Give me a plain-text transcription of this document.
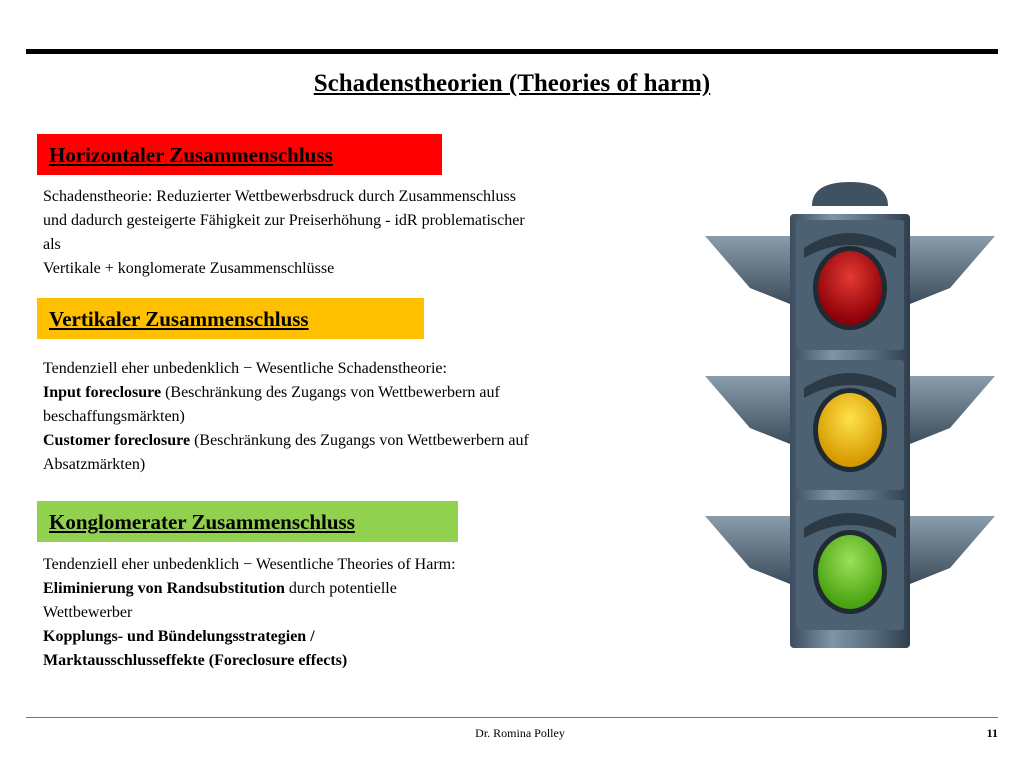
Schadenstheorien (Theories of harm)
Horizontaler Zusammenschluss
Schadenstheorie: Reduzierter Wettbewerbsdruck durch Zusammenschluss
und dadurch gesteigerte Fähigkeit zur Preiserhöhung - idR problematischer
als
Vertikale + konglomerate Zusammenschlüsse
Vertikaler Zusammenschluss
Tendenziell eher unbedenklich − Wesentliche Schadenstheorie:
Input foreclosure (Beschränkung des Zugangs von Wettbewerbern auf
beschaffungsmärkten)
Customer foreclosure (Beschränkung des Zugangs von Wettbewerbern auf
Absatzmärkten)
Konglomerater Zusammenschluss
Tendenziell eher unbedenklich − Wesentliche Theories of Harm:
Eliminierung von Randsubstitution durch potentielle
Wettbewerber
Kopplungs- und Bündelungsstrategien /
Marktausschlusseffekte (Foreclosure effects)
Dr. Romina Polley	11
